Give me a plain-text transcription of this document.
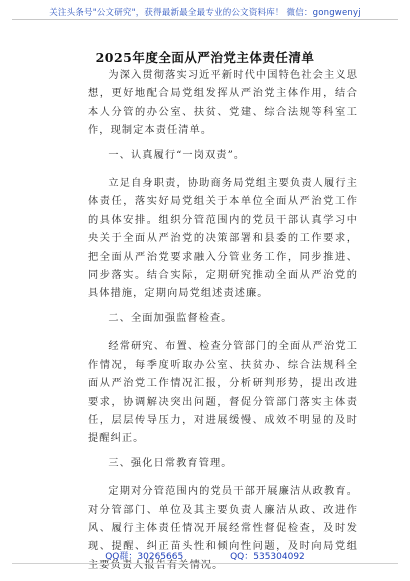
关注头条号"公文研究"，获得最新最全最专业的公文资料库！ 微信：gongwenyj
2025年度全面从严治党主体责任清单

为深入贯彻落实习近平新时代中国特色社会主义思想，更好地配合局党组发挥从严治党主体作用，结合本人分管的办公室、扶贫、党建、综合法规等科室工作，现制定本责任清单。

一、认真履行“一岗双责”。

立足自身职责，协助商务局党组主要负责人履行主体责任，落实好局党组关于本单位全面从严治党工作的具体安排。组织分管范围内的党员干部认真学习中央关于全面从严治党的决策部署和县委的工作要求，把全面从严治党要求融入分管业务工作，同步推进、同步落实。结合实际，定期研究推动全面从严治党的具体措施，定期向局党组述责述廉。

二、全面加强监督检查。

经常研究、布置、检查分管部门的全面从严治党工作情况，每季度听取办公室、扶贫办、综合法规科全面从严治党工作情况汇报，分析研判形势，提出改进要求，协调解决突出问题，督促分管部门落实主体责任，层层传导压力，对进展缓慢、成效不明显的及时提醒纠正。

三、强化日常教育管理。

定期对分管范围内的党员干部开展廉洁从政教育。对分管部门、单位及其主要负责人廉洁从政、改进作风、履行主体责任情况开展经常性督促检查，及时发现、提醒、纠正苗头性和倾向性问题，及时向局党组主要负责人报告有关情况。

QQ群：30265665	QQ：535304092
